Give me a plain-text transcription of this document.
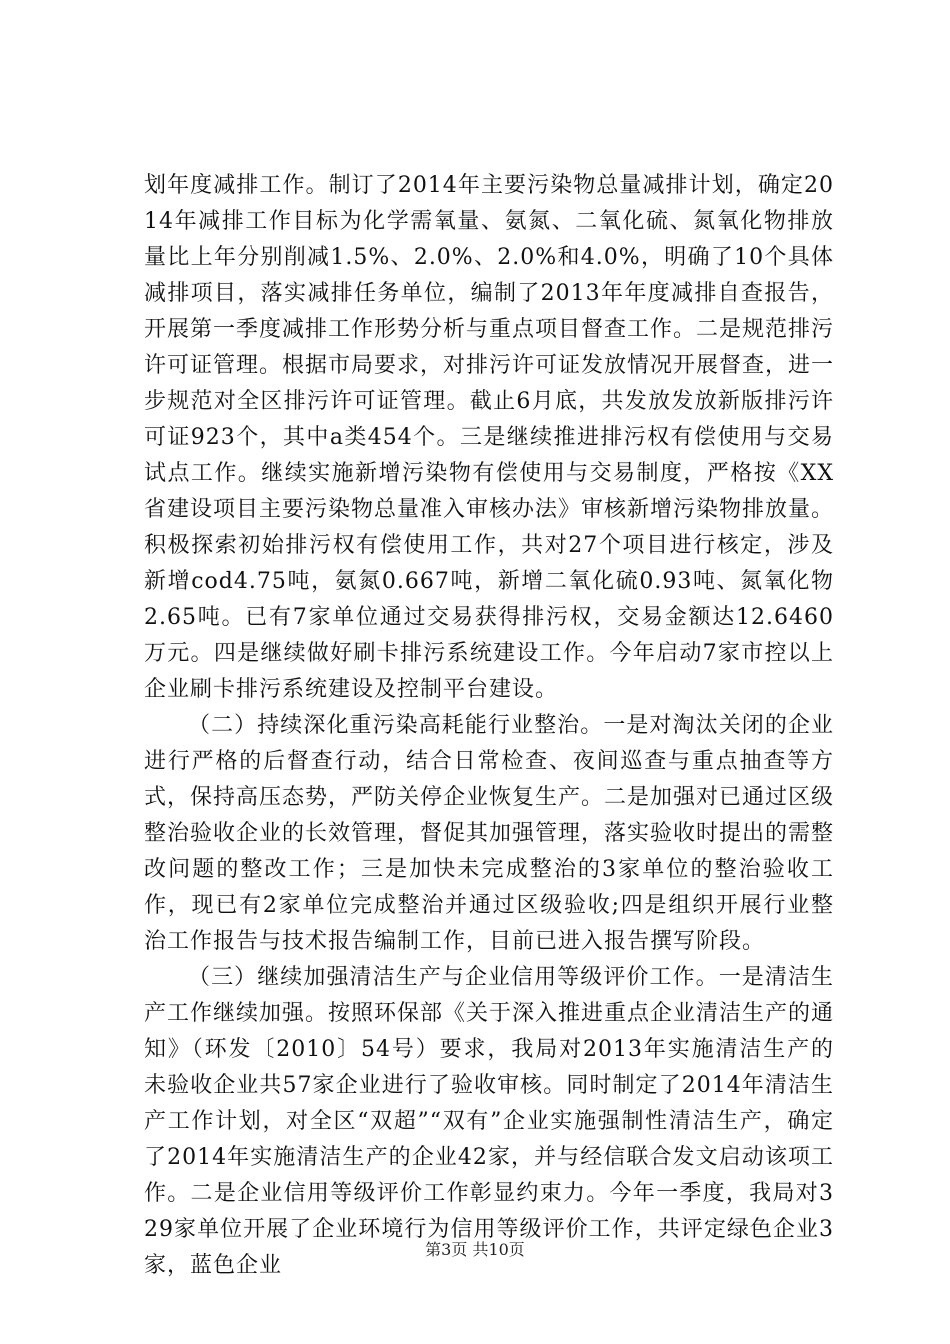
划年度减排工作。制订了2014年主要污染物总量减排计划，确定2014年减排工作目标为化学需氧量、氨氮、二氧化硫、氮氧化物排放量比上年分别削减1.5%、2.0%、2.0%和4.0%，明确了10个具体减排项目，落实减排任务单位，编制了2013年年度减排自查报告，开展第一季度减排工作形势分析与重点项目督查工作。二是规范排污许可证管理。根据市局要求，对排污许可证发放情况开展督查，进一步规范对全区排污许可证管理。截止6月底，共发放发放新版排污许可证923个，其中a类454个。三是继续推进排污权有偿使用与交易试点工作。继续实施新增污染物有偿使用与交易制度，严格按《XX省建设项目主要污染物总量准入审核办法》审核新增污染物排放量。积极探索初始排污权有偿使用工作，共对27个项目进行核定，涉及新增cod4.75吨，氨氮0.667吨，新增二氧化硫0.93吨、氮氧化物2.65吨。已有7家单位通过交易获得排污权，交易金额达12.6460万元。四是继续做好刷卡排污系统建设工作。今年启动7家市控以上企业刷卡排污系统建设及控制平台建设。

（二）持续深化重污染高耗能行业整治。一是对淘汰关闭的企业进行严格的后督查行动，结合日常检查、夜间巡查与重点抽查等方式，保持高压态势，严防关停企业恢复生产。二是加强对已通过区级整治验收企业的长效管理，督促其加强管理，落实验收时提出的需整改问题的整改工作；三是加快未完成整治的3家单位的整治验收工作，现已有2家单位完成整治并通过区级验收;四是组织开展行业整治工作报告与技术报告编制工作，目前已进入报告撰写阶段。

（三）继续加强清洁生产与企业信用等级评价工作。一是清洁生产工作继续加强。按照环保部《关于深入推进重点企业清洁生产的通知》（环发〔2010〕54号）要求，我局对2013年实施清洁生产的未验收企业共57家企业进行了验收审核。同时制定了2014年清洁生产工作计划，对全区“双超”“双有”企业实施强制性清洁生产，确定了2014年实施清洁生产的企业42家，并与经信联合发文启动该项工作。二是企业信用等级评价工作彰显约束力。今年一季度，我局对329家单位开展了企业环境行为信用等级评价工作，共评定绿色企业3家，蓝色企业

第3页 共10页
